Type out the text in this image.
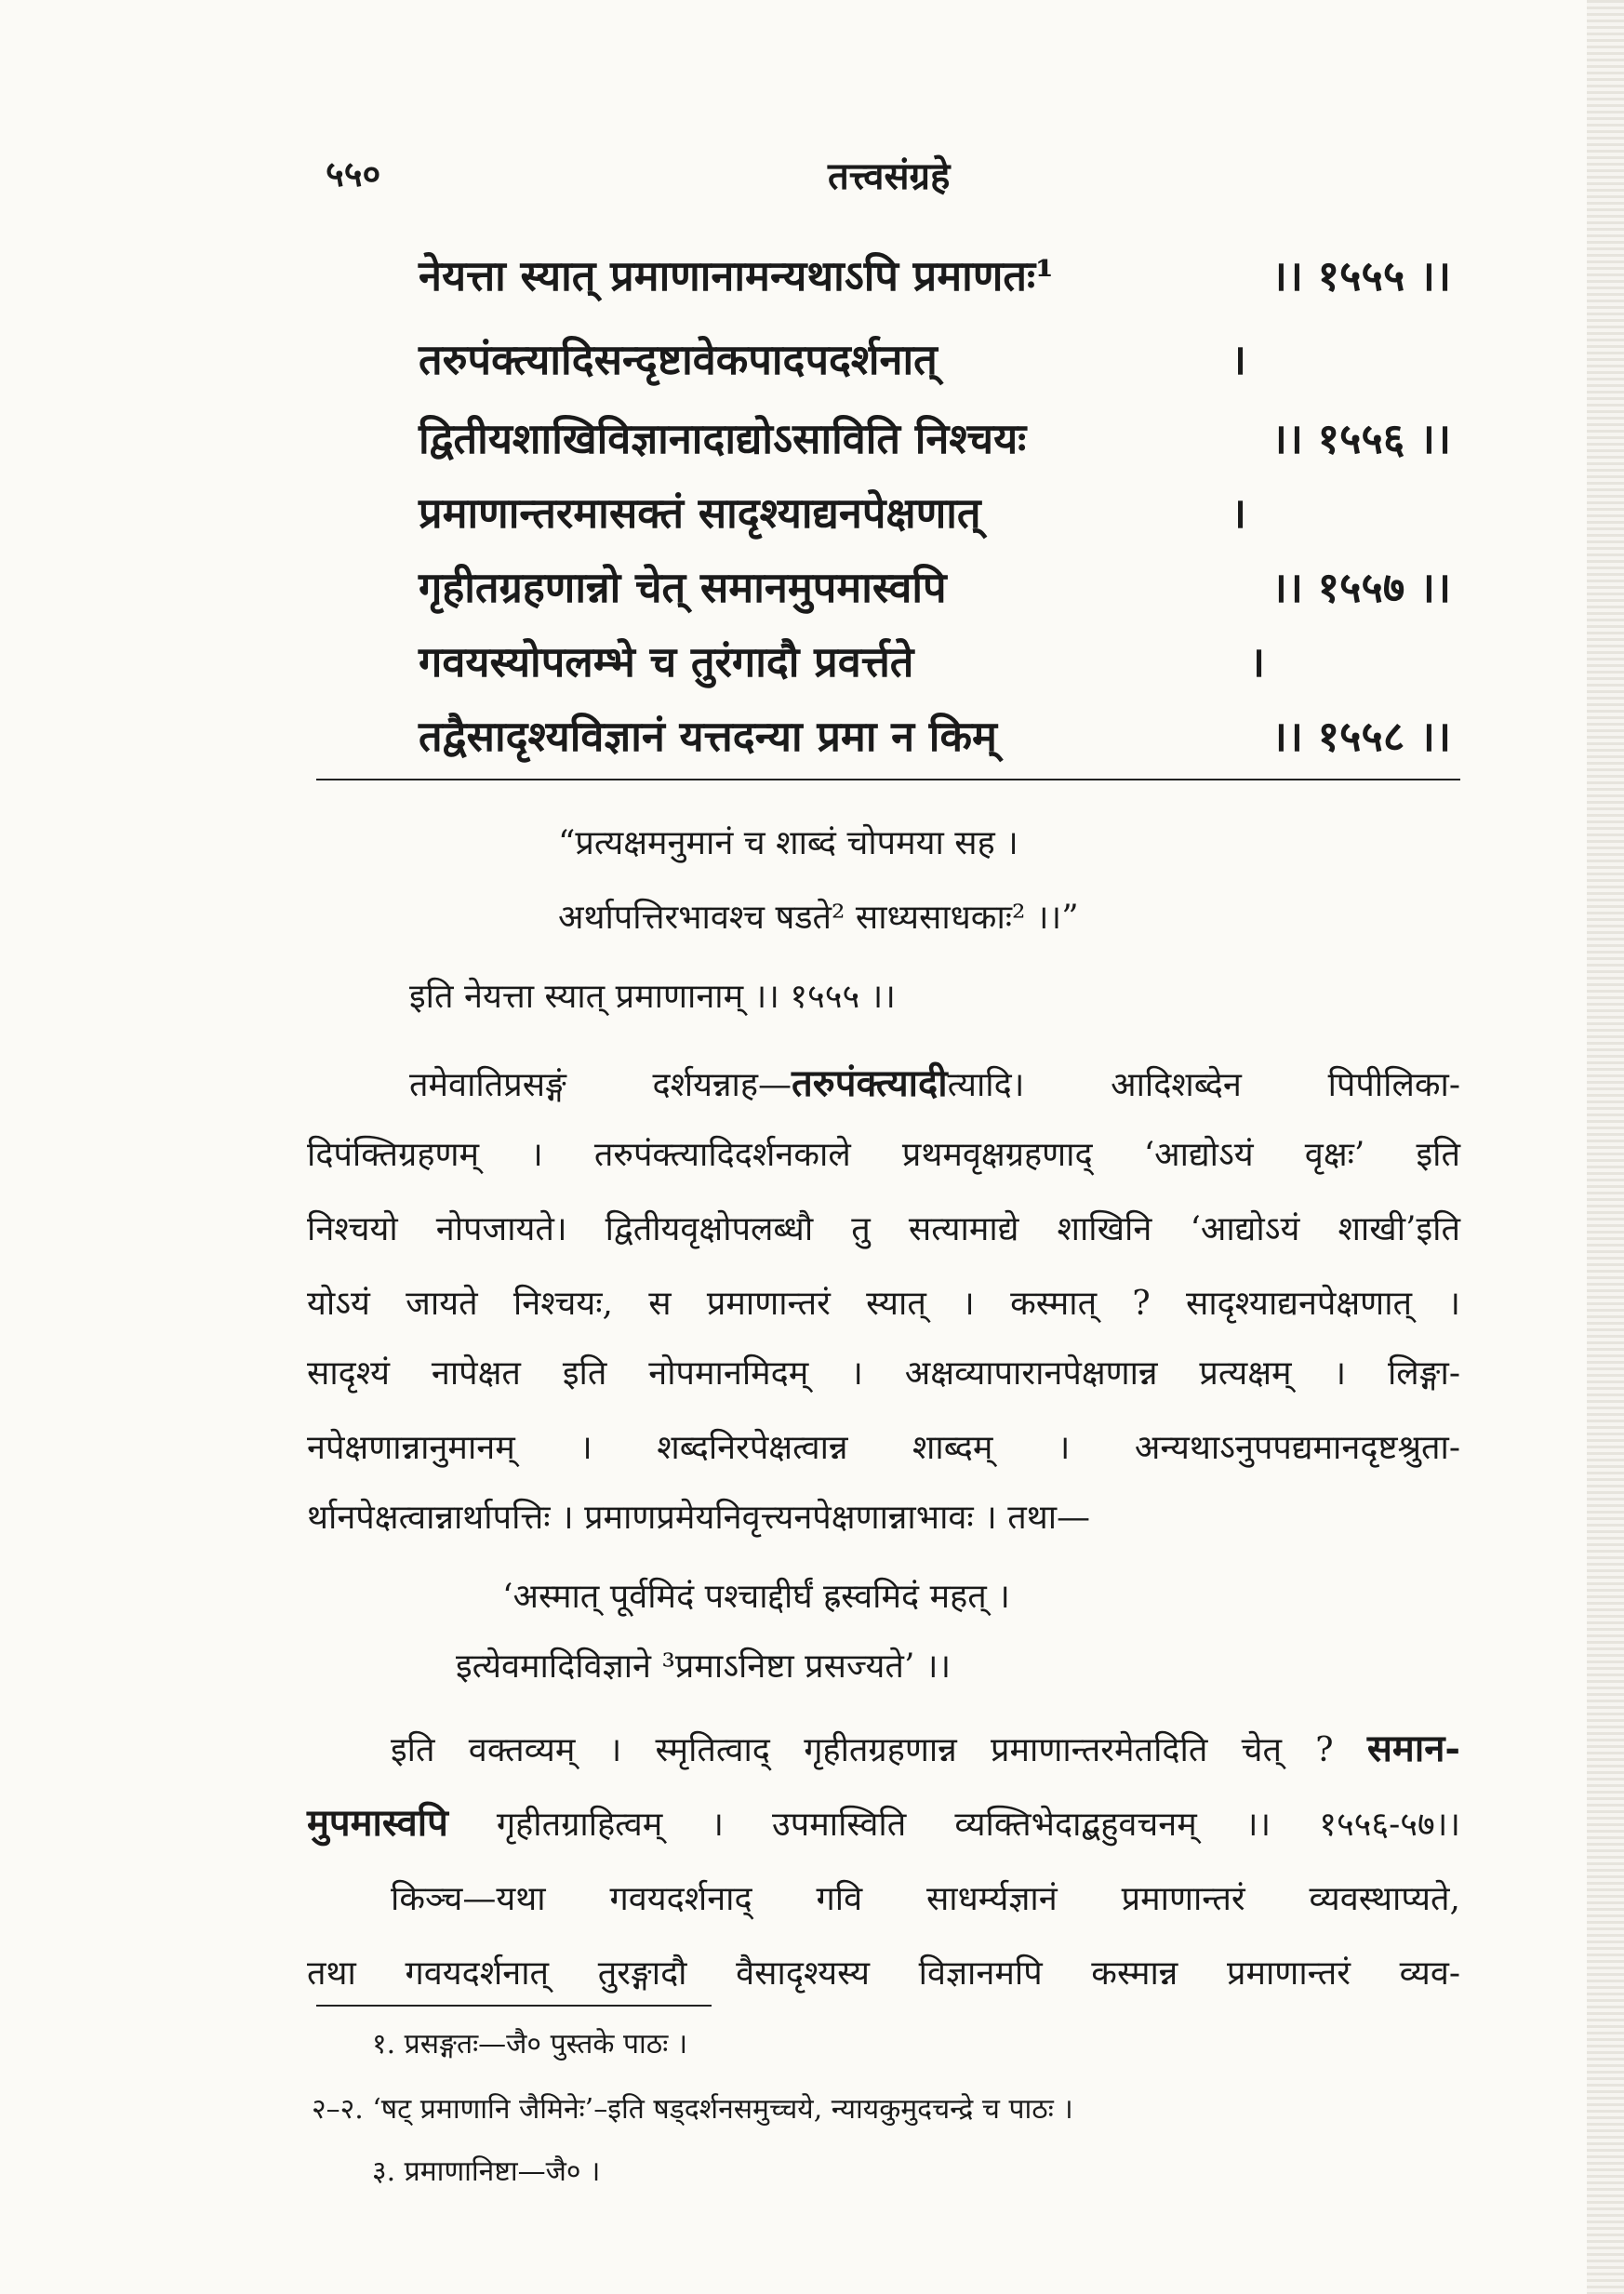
५५०	तत्त्वसंग्रहे
नेयत्ता स्यात् प्रमाणानामन्यथाऽपि प्रमाणतः¹	।। १५५५ ।।
तरुपंक्त्यादिसन्दृष्टावेकपादपदर्शनात्	।
द्वितीयशाखिविज्ञानादाद्योऽसाविति निश्चयः	।। १५५६ ।।
प्रमाणान्तरमासक्तं सादृश्याद्यनपेक्षणात्	।
गृहीतग्रहणान्नो चेत् समानमुपमास्वपि	।। १५५७ ।।
गवयस्योपलम्भे च तुरंगादौ प्रवर्त्तते	।
तद्वैसादृश्यविज्ञानं यत्तदन्या प्रमा न किम्	।। १५५८ ।।
“प्रत्यक्षमनुमानं च शाब्दं चोपमया सह ।
अर्थापत्तिरभावश्च षडते² साध्यसाधकाः² ।।”
इति नेयत्ता स्यात् प्रमाणानाम् ।। १५५५ ।।
तमेवातिप्रसङ्गं दर्शयन्नाह—तरुपंक्त्यादीत्यादि। आदिशब्देन पिपीलिका-
दिपंक्तिग्रहणम् । तरुपंक्त्यादिदर्शनकाले प्रथमवृक्षग्रहणाद् ‘आद्योऽयं वृक्षः’ इति
निश्चयो नोपजायते। द्वितीयवृक्षोपलब्धौ तु सत्यामाद्ये शाखिनि ‘आद्योऽयं शाखी’इति
योऽयं जायते निश्चयः, स प्रमाणान्तरं स्यात् । कस्मात् ? सादृश्याद्यनपेक्षणात् ।
सादृश्यं नापेक्षत इति नोपमानमिदम् । अक्षव्यापारानपेक्षणान्न प्रत्यक्षम् । लिङ्गा-
नपेक्षणान्नानुमानम् । शब्दनिरपेक्षत्वान्न शाब्दम् । अन्यथाऽनुपपद्यमानदृष्टश्रुता-
र्थानपेक्षत्वान्नार्थापत्तिः । प्रमाणप्रमेयनिवृत्त्यनपेक्षणान्नाभावः । तथा—
‘अस्मात् पूर्वमिदं पश्चाद्दीर्घं ह्रस्वमिदं महत् ।
इत्येवमादिविज्ञाने ³प्रमाऽनिष्टा प्रसज्यते’ ।।
इति वक्तव्यम् । स्मृतित्वाद् गृहीतग्रहणान्न प्रमाणान्तरमेतदिति चेत् ? समान-
मुपमास्वपि गृहीतग्राहित्वम् । उपमास्विति व्यक्तिभेदाद्बहुवचनम् ।। १५५६-५७।।
किञ्च—यथा गवयदर्शनाद् गवि साधर्म्यज्ञानं प्रमाणान्तरं व्यवस्थाप्यते,
तथा गवयदर्शनात् तुरङ्गादौ वैसादृश्यस्य विज्ञानमपि कस्मान्न प्रमाणान्तरं व्यव-
१. प्रसङ्गतः—जै० पुस्तके पाठः ।
२–२. ‘षट् प्रमाणानि जैमिनेः’–इति षड्दर्शनसमुच्चये, न्यायकुमुदचन्द्रे च पाठः ।
३. प्रमाणानिष्टा—जै० ।
